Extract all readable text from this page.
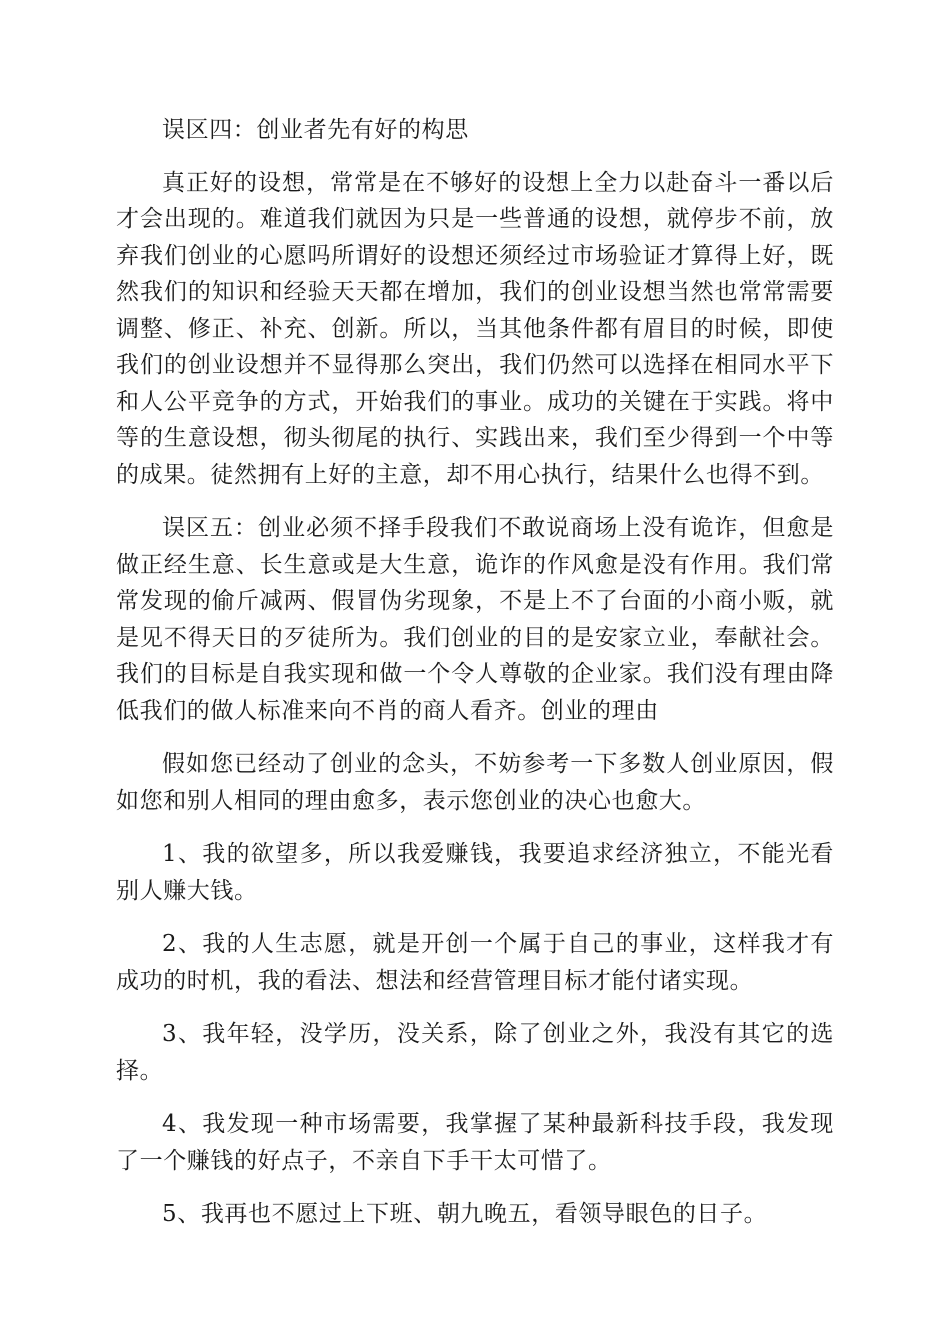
误区四：创业者先有好的构思

真正好的设想，常常是在不够好的设想上全力以赴奋斗一番以后才会出现的。难道我们就因为只是一些普通的设想，就停步不前，放弃我们创业的心愿吗所谓好的设想还须经过市场验证才算得上好，既然我们的知识和经验天天都在增加，我们的创业设想当然也常常需要调整、修正、补充、创新。所以，当其他条件都有眉目的时候，即使我们的创业设想并不显得那么突出，我们仍然可以选择在相同水平下和人公平竞争的方式，开始我们的事业。成功的关键在于实践。将中等的生意设想，彻头彻尾的执行、实践出来，我们至少得到一个中等的成果。徒然拥有上好的主意，却不用心执行，结果什么也得不到。

误区五：创业必须不择手段我们不敢说商场上没有诡诈，但愈是做正经生意、长生意或是大生意，诡诈的作风愈是没有作用。我们常常发现的偷斤减两、假冒伪劣现象，不是上不了台面的小商小贩，就是见不得天日的歹徒所为。我们创业的目的是安家立业，奉献社会。我们的目标是自我实现和做一个令人尊敬的企业家。我们没有理由降低我们的做人标准来向不肖的商人看齐。创业的理由

假如您已经动了创业的念头，不妨参考一下多数人创业原因，假如您和别人相同的理由愈多，表示您创业的决心也愈大。

1、我的欲望多，所以我爱赚钱，我要追求经济独立，不能光看别人赚大钱。

2、我的人生志愿，就是开创一个属于自己的事业，这样我才有成功的时机，我的看法、想法和经营管理目标才能付诸实现。

3、我年轻，没学历，没关系，除了创业之外，我没有其它的选择。

4、我发现一种市场需要，我掌握了某种最新科技手段，我发现了一个赚钱的好点子，不亲自下手干太可惜了。

5、我再也不愿过上下班、朝九晚五，看领导眼色的日子。
